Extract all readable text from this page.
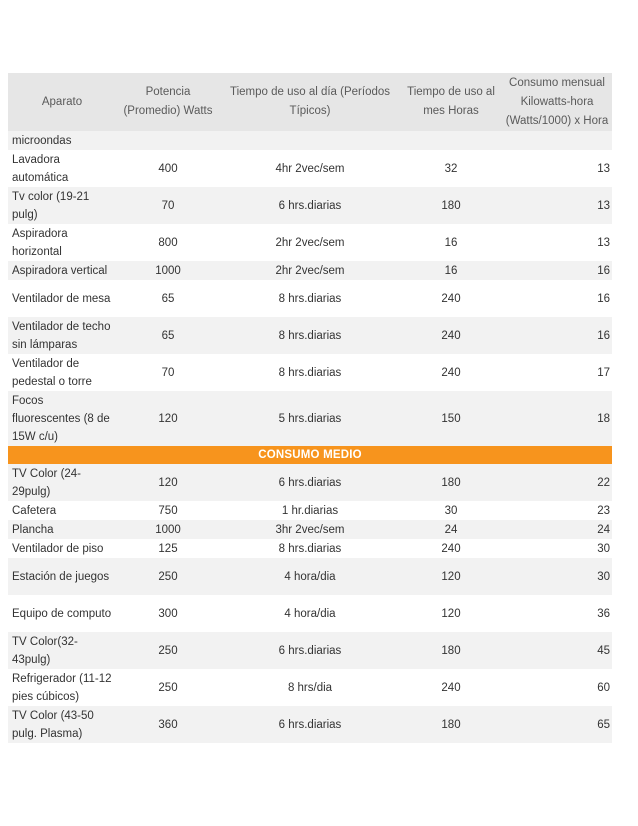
Aparato	Potencia (Promedio) Watts	Tiempo de uso al día (Períodos Típicos)	Tiempo de uso al mes Horas	Consumo mensual Kilowatts-hora (Watts/1000) x Hora
microondas				
Lavadora automática	400	4hr 2vec/sem	32	13
Tv color (19-21 pulg)	70	6 hrs.diarias	180	13
Aspiradora horizontal	800	2hr 2vec/sem	16	13
Aspiradora vertical	1000	2hr 2vec/sem	16	16
Ventilador de mesa	65	8 hrs.diarias	240	16
Ventilador de techo sin lámparas	65	8 hrs.diarias	240	16
Ventilador de pedestal o torre	70	8 hrs.diarias	240	17
Focos fluorescentes (8 de 15W c/u)	120	5 hrs.diarias	150	18
CONSUMO MEDIO				
TV Color (24-29pulg)	120	6 hrs.diarias	180	22
Cafetera	750	1 hr.diarias	30	23
Plancha	1000	3hr 2vec/sem	24	24
Ventilador de piso	125	8 hrs.diarias	240	30
Estación de juegos	250	4 hora/dia	120	30
Equipo de computo	300	4 hora/dia	120	36
TV Color(32-43pulg)	250	6 hrs.diarias	180	45
Refrigerador (11-12 pies cúbicos)	250	8 hrs/dia	240	60
TV Color (43-50 pulg. Plasma)	360	6 hrs.diarias	180	65
